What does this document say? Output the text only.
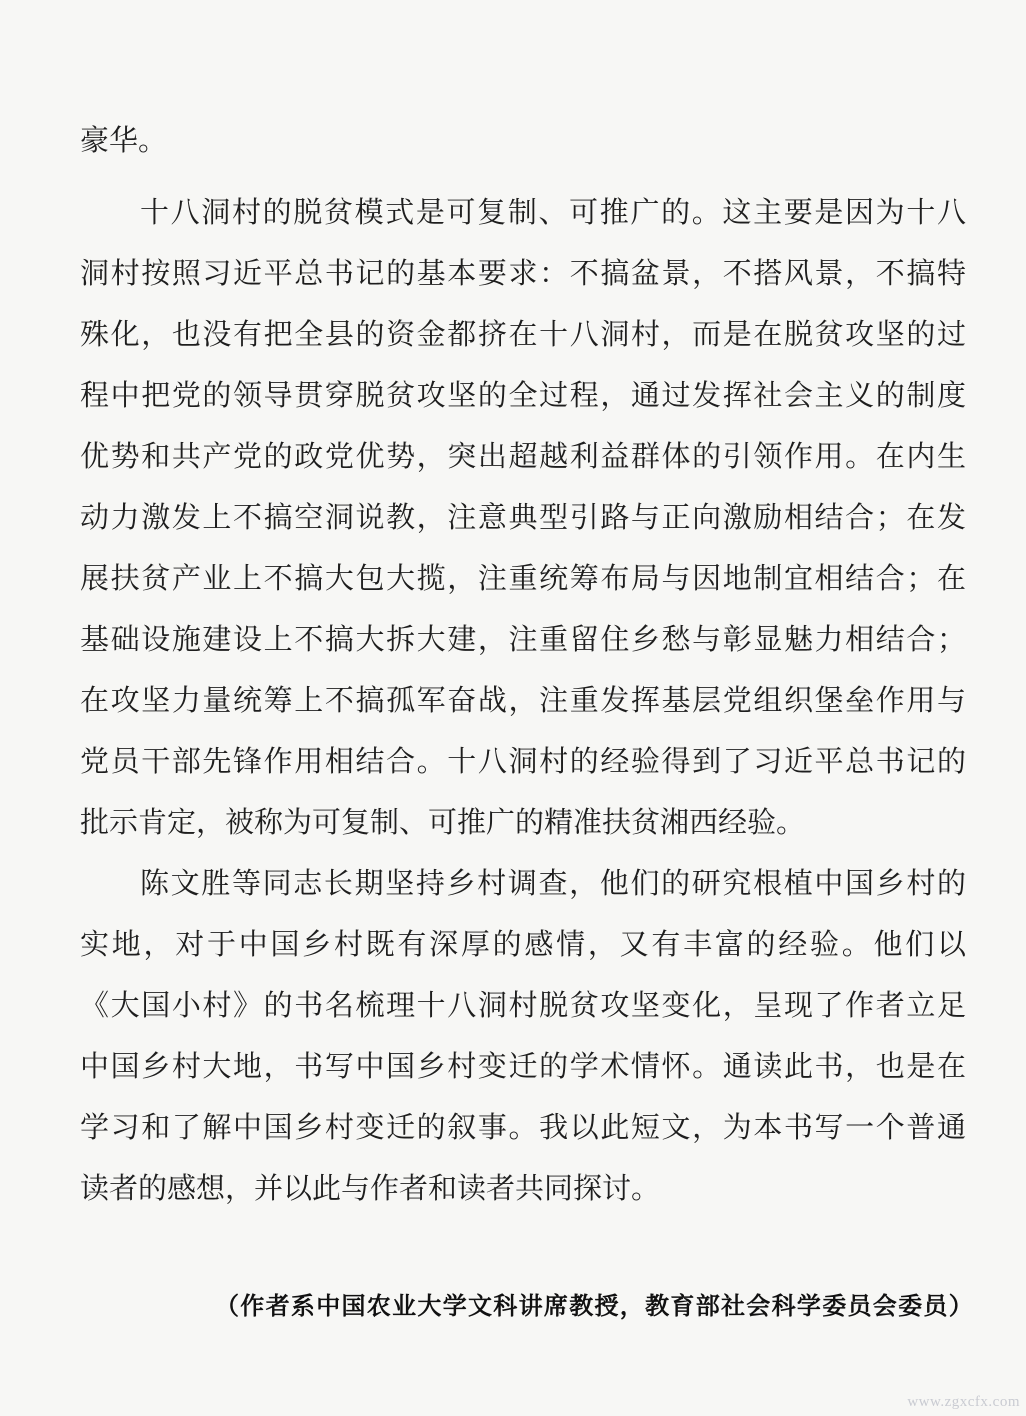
豪华。
十八洞村的脱贫模式是可复制、可推广的。这主要是因为十八
洞村按照习近平总书记的基本要求：不搞盆景，不搭风景，不搞特
殊化，也没有把全县的资金都挤在十八洞村，而是在脱贫攻坚的过
程中把党的领导贯穿脱贫攻坚的全过程，通过发挥社会主义的制度
优势和共产党的政党优势，突出超越利益群体的引领作用。在内生
动力激发上不搞空洞说教，注意典型引路与正向激励相结合；在发
展扶贫产业上不搞大包大揽，注重统筹布局与因地制宜相结合；在
基础设施建设上不搞大拆大建，注重留住乡愁与彰显魅力相结合；
在攻坚力量统筹上不搞孤军奋战，注重发挥基层党组织堡垒作用与
党员干部先锋作用相结合。十八洞村的经验得到了习近平总书记的
批示肯定，被称为可复制、可推广的精准扶贫湘西经验。
陈文胜等同志长期坚持乡村调查，他们的研究根植中国乡村的
实地，对于中国乡村既有深厚的感情，又有丰富的经验。他们以
《大国小村》的书名梳理十八洞村脱贫攻坚变化，呈现了作者立足
中国乡村大地，书写中国乡村变迁的学术情怀。通读此书，也是在
学习和了解中国乡村变迁的叙事。我以此短文，为本书写一个普通
读者的感想，并以此与作者和读者共同探讨。
（作者系中国农业大学文科讲席教授，教育部社会科学委员会委员）
www.zgxcfx.com
